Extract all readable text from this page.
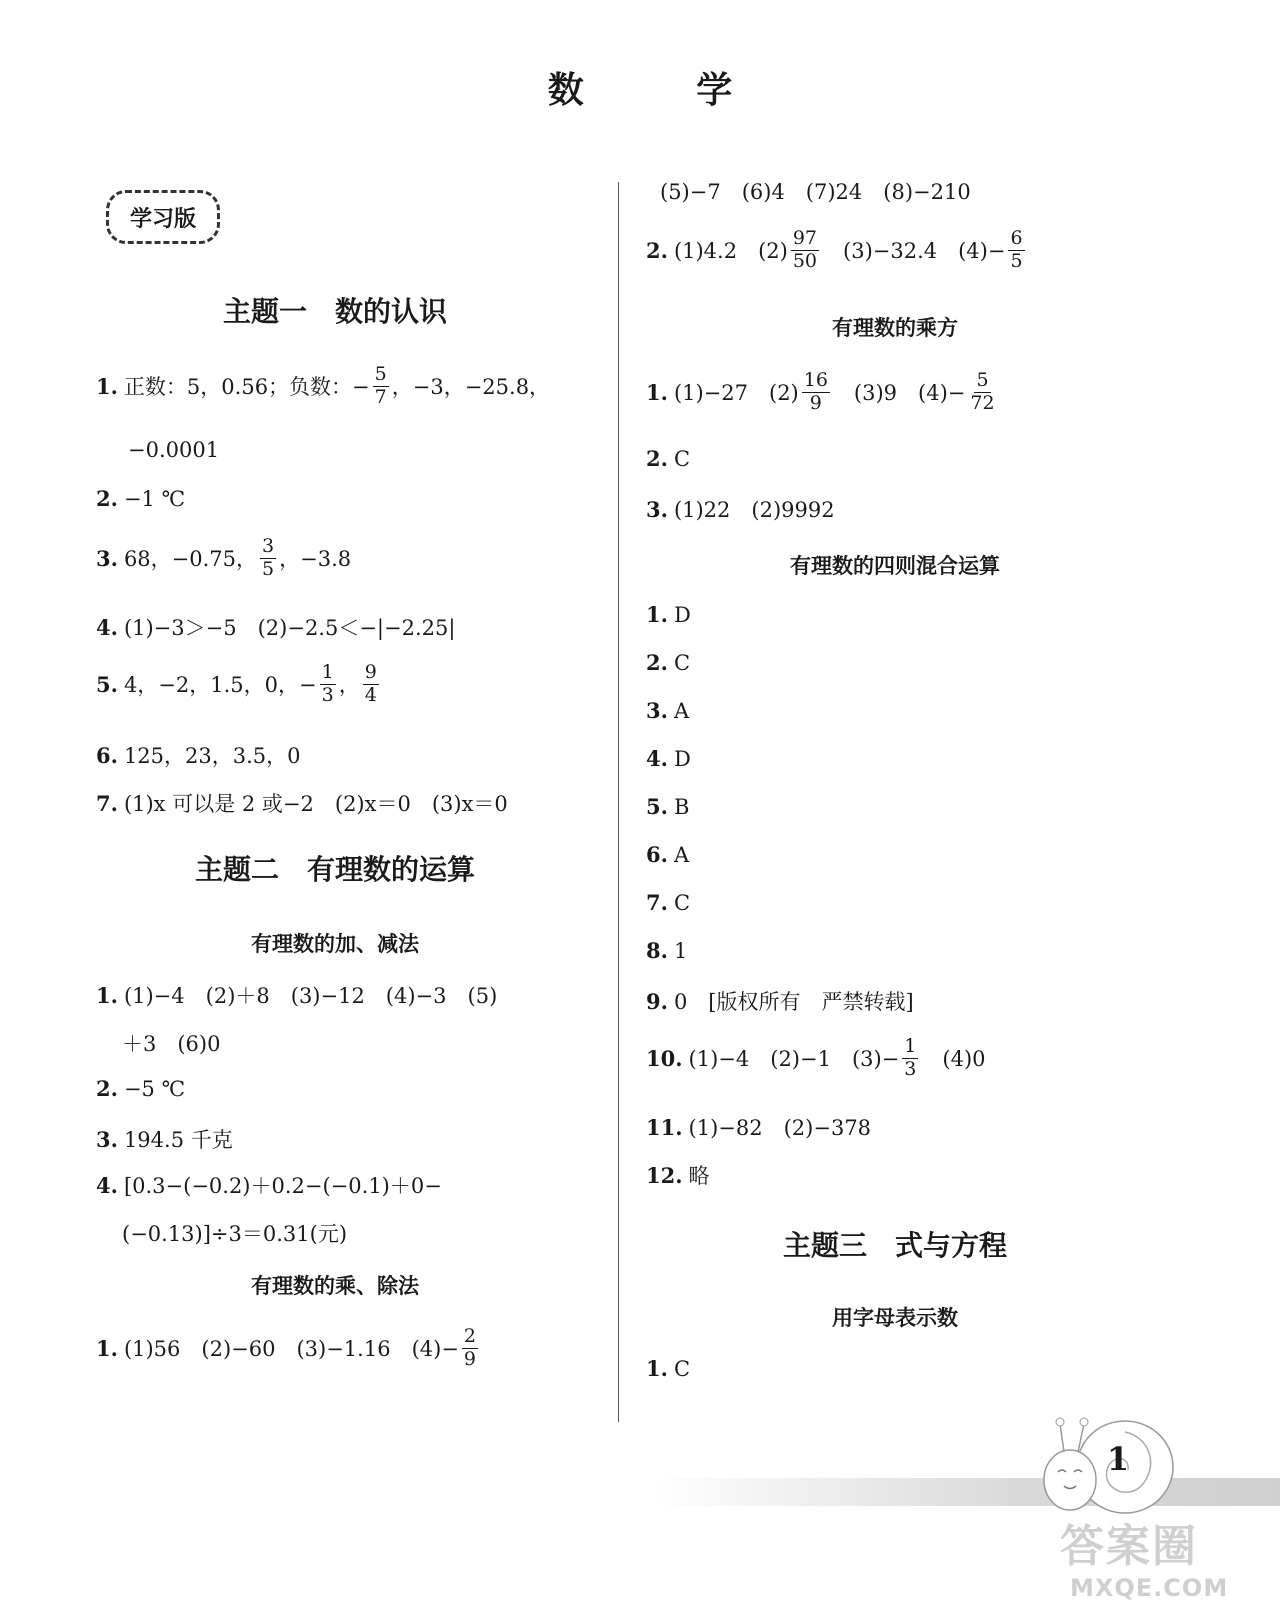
数 学
学习版
主题一　数的认识
1. 正数：5，0.56；负数：− $\frac{5}{7}$ ，−3，−25.8，
−0.0001
2. −1 ℃
3. 68，−0.75， $\frac{3}{5}$ ，−3.8
4. (1)−3＞−5　(2)−2.5＜−|−2.25|
5. 4，−2，1.5，0，− $\frac{1}{3}$ ， $\frac{9}{4}$
6. 125，23，3.5，0
7. (1)x 可以是 2 或−2　(2)x＝0　(3)x＝0
主题二　有理数的运算
有理数的加、减法
1. (1)−4　(2)＋8　(3)−12　(4)−3　(5)
＋3　(6)0
2. −5 ℃
3. 194.5 千克
4. [0.3−(−0.2)＋0.2−(−0.1)＋0−
(−0.13)]÷3＝0.31(元)
有理数的乘、除法
1. (1)56　(2)−60　(3)−1.16　$(4)- \frac{2}{9}$
(5)−7　(6)4　(7)24　(8)−210
2. (1)4.2　$(2) \frac{97}{50}$ 　(3)−32.4　$(4)- \frac{6}{5}$
有理数的乘方
1. (1)−27　$(2) \frac{16}{9}$ 　(3)9　$(4)- \frac{5}{72}$
2. C
3. (1)22　(2)9992
有理数的四则混合运算
1. D
2. C
3. A
4. D
5. B
6. A
7. C
8. 1
9. 0　[版权所有　严禁转载]
10. (1)−4　(2)−1　$(3)- \frac{1}{3}$ 　(4)0
11. (1)−82　(2)−378
12. 略
主题三　式与方程
用字母表示数
1. C
1
答案圈
MXQE.COM
